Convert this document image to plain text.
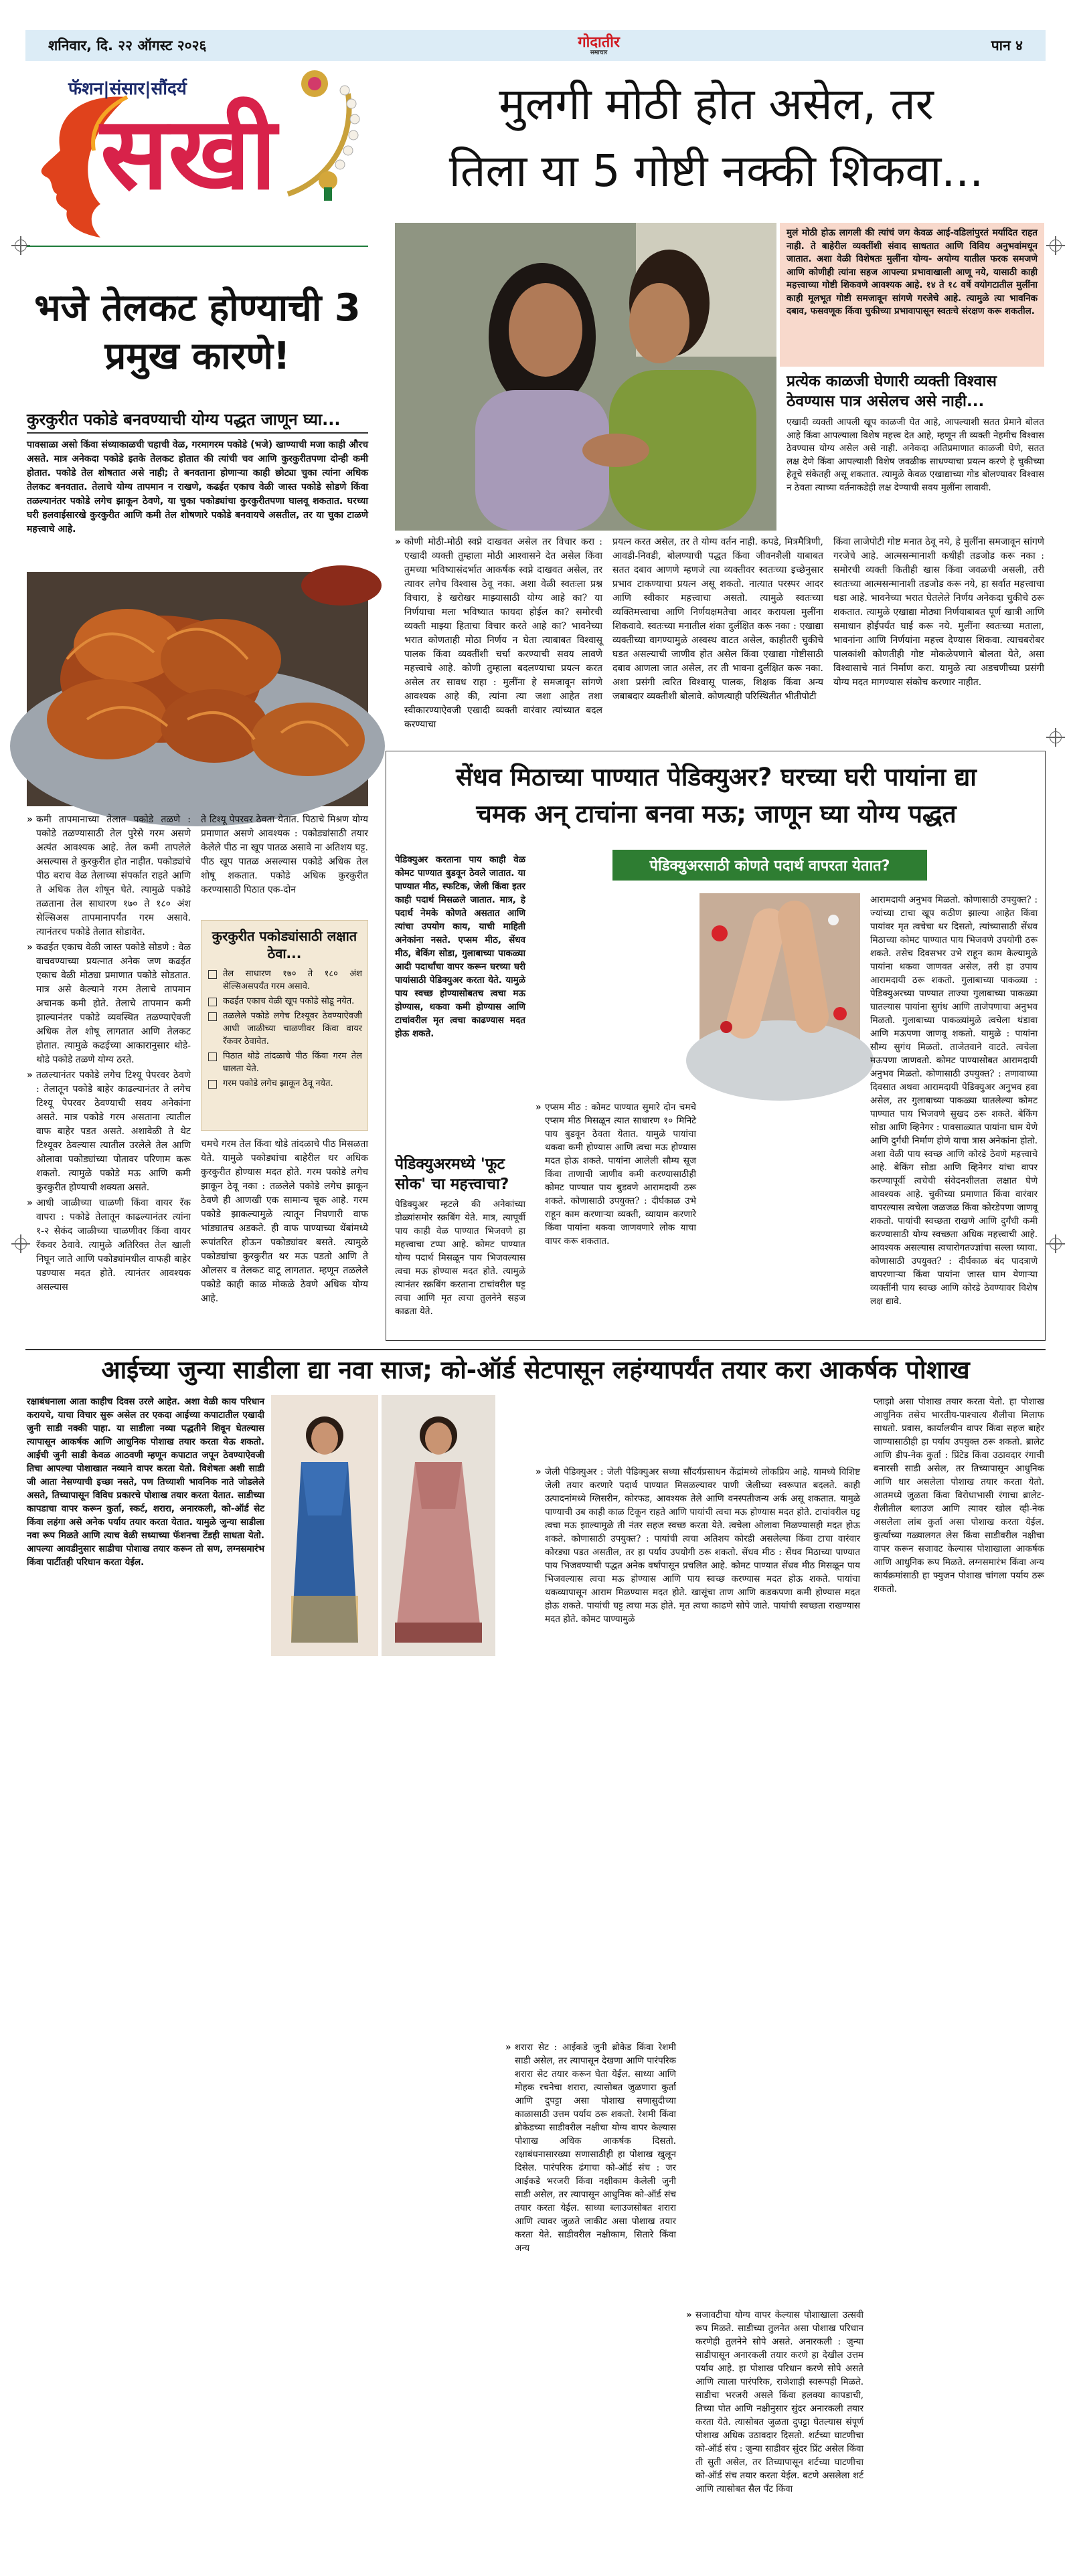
शनिवार, दि. २२ ऑगस्ट २०२६	गोदातीर
समाचार	पान ४
फॅशन|संसार|सौंदर्य
सखी
भजे तेलकट होण्याची 3 प्रमुख कारणे!
कुरकुरीत पकोडे बनवण्याची योग्य पद्धत जाणून घ्या...
पावसाळा असो किंवा संध्याकाळची चहाची वेळ, गरमागरम पकोडे (भजे) खाण्याची मजा काही औरच असते. मात्र अनेकदा पकोडे इतके तेलकट होतात की त्यांची चव आणि कुरकुरीतपणा दोन्ही कमी होतात. पकोडे तेल शोषतात असे नाही; ते बनवताना होणाऱ्या काही छोट्या चुका त्यांना अधिक तेलकट बनवतात. तेलाचे योग्य तापमान न राखणे, कढईत एकाच वेळी जास्त पकोडे सोडणे किंवा तळल्यानंतर पकोडे लगेच झाकून ठेवणे, या चुका पकोड्यांचा कुरकुरीतपणा घालवू शकतात. घरच्या घरी हलवाईसारखे कुरकुरीत आणि कमी तेल शोषणारे पकोडे बनवायचे असतील, तर या चुका टाळणे महत्त्वाचे आहे.

» कमी तापमानाच्या तेलात पकोडे तळणे : पकोडे तळण्यासाठी तेल पुरेसे गरम असणे अत्यंत आवश्यक आहे. तेल कमी तापलेले असल्यास ते कुरकुरीत होत नाहीत. पकोड्यांचे पीठ बराच वेळ तेलाच्या संपर्कात राहते आणि ते अधिक तेल शोषून घेते. त्यामुळे पकोडे तळताना तेल साधारण १७० ते १८० अंश सेल्सिअस तापमानापर्यंत गरम असावे. त्यानंतरच पकोडे तेलात सोडावेत.

» कढईत एकाच वेळी जास्त पकोडे सोडणे : वेळ वाचवण्याच्या प्रयत्नात अनेक जण कढईत एकाच वेळी मोठ्या प्रमाणात पकोडे सोडतात. मात्र असे केल्याने गरम तेलाचे तापमान अचानक कमी होते. तेलाचे तापमान कमी झाल्यानंतर पकोडे व्यवस्थित तळण्याऐवजी अधिक तेल शोषू लागतात आणि तेलकट होतात. त्यामुळे कढईच्या आकारानुसार थोडे-थोडे पकोडे तळणे योग्य ठरते.

» तळल्यानंतर पकोडे लगेच टिश्यू पेपरवर ठेवणे : तेलातून पकोडे बाहेर काढल्यानंतर ते लगेच टिश्यू पेपरवर ठेवण्याची सवय अनेकांना असते. मात्र पकोडे गरम असताना त्यातील वाफ बाहेर पडत असते. अशावेळी ते थेट टिश्यूवर ठेवल्यास त्यातील उरलेले तेल आणि ओलावा पकोड्यांच्या पोतावर परिणाम करू शकतो. त्यामुळे पकोडे मऊ आणि कमी कुरकुरीत होण्याची शक्यता असते.

» आधी जाळीच्या चाळणी किंवा वायर रॅक वापरा : पकोडे तेलातून काढल्यानंतर त्यांना १-२ सेकंद जाळीच्या चाळणीवर किंवा वायर रॅकवर ठेवावे. त्यामुळे अतिरिक्त तेल खाली निघून जाते आणि पकोड्यांमधील वाफही बाहेर पडण्यास मदत होते. त्यानंतर आवश्यक असल्यास

ते टिश्यू पेपरवर ठेवता येतात. पिठाचे मिश्रण योग्य प्रमाणात असणे आवश्यक : पकोड्यांसाठी तयार केलेले पीठ ना खूप पातळ असावे ना अतिशय घट्ट. पीठ खूप पातळ असल्यास पकोडे अधिक तेल शोषू शकतात. पकोडे अधिक कुरकुरीत करण्यासाठी पिठात एक-दोन
कुरकुरीत पकोड्यांसाठी लक्षात ठेवा...
तेल साधारण १७० ते १८० अंश सेल्सिअसपर्यंत गरम असावे.
कढईत एकाच वेळी खूप पकोडे सोडू नयेत.
तळलेले पकोडे लगेच टिश्यूवर ठेवण्याऐवजी आधी जाळीच्या चाळणीवर किंवा वायर रॅकवर ठेवावेत.
पिठात थोडे तांदळाचे पीठ किंवा गरम तेल घालता येते.
गरम पकोडे लगेच झाकून ठेवू नयेत.
चमचे गरम तेल किंवा थोडे तांदळाचे पीठ मिसळता येते. यामुळे पकोड्यांचा बाहेरील थर अधिक कुरकुरीत होण्यास मदत होते. गरम पकोडे लगेच झाकून ठेवू नका : तळलेले पकोडे लगेच झाकून ठेवणे ही आणखी एक सामान्य चूक आहे. गरम पकोडे झाकल्यामुळे त्यातून निघणारी वाफ भांड्यातच अडकते. ही वाफ पाण्याच्या थेंबांमध्ये रूपांतरित होऊन पकोड्यांवर बसते. त्यामुळे पकोड्यांचा कुरकुरीत थर मऊ पडतो आणि ते ओलसर व तेलकट वाटू लागतात. म्हणून तळलेले पकोडे काही काळ मोकळे ठेवणे अधिक योग्य आहे.
मुलगी मोठी होत असेल, तर
तिला या 5 गोष्टी नक्की शिकवा...
मुलं मोठी होऊ लागली की त्यांचं जग केवळ आई-वडिलांपुरतं मर्यादित राहत नाही. ते बाहेरील व्यक्तींशी संवाद साधतात आणि विविध अनुभवांमधून जातात. अशा वेळी विशेषतः मुलींना योग्य- अयोग्य यातील फरक समजणे आणि कोणीही त्यांना सहज आपल्या प्रभावाखाली आणू नये, यासाठी काही महत्त्वाच्या गोष्टी शिकवणे आवश्यक आहे. १४ ते १८ वर्षे वयोगटातील मुलींना काही मूलभूत गोष्टी समजावून सांगणे गरजेचे आहे. त्यामुळे त्या भावनिक दबाव, फसवणूक किंवा चुकीच्या प्रभावापासून स्वतःचे संरक्षण करू शकतील.
प्रत्येक काळजी घेणारी व्यक्ती विश्वास ठेवण्यास पात्र असेलच असे नाही...
एखादी व्यक्ती आपली खूप काळजी घेत आहे, आपल्याशी सतत प्रेमाने बोलत आहे किंवा आपल्याला विशेष महत्त्व देत आहे, म्हणून ती व्यक्ती नेहमीच विश्वास ठेवण्यास योग्य असेल असे नाही. अनेकदा अतिप्रमाणात काळजी घेणे, सतत लक्ष देणे किंवा आपल्याशी विशेष जवळीक साधण्याचा प्रयत्न करणे हे चुकीच्या हेतूचे संकेतही असू शकतात. त्यामुळे केवळ एखाद्याच्या गोड बोलण्यावर विश्वास न ठेवता त्याच्या वर्तनाकडेही लक्ष देण्याची सवय मुलींना लावावी.
» कोणी मोठी-मोठी स्वप्ने दाखवत असेल तर विचार करा : एखादी व्यक्ती तुम्हाला मोठी आश्वासने देत असेल किंवा तुमच्या भविष्यासंदर्भात आकर्षक स्वप्ने दाखवत असेल, तर त्यावर लगेच विश्वास ठेवू नका. अशा वेळी स्वतःला प्रश्न विचारा, हे खरोखर माझ्यासाठी योग्य आहे का? या निर्णयाचा मला भविष्यात फायदा होईल का? समोरची व्यक्ती माझ्या हिताचा विचार करते आहे का? भावनेच्या भरात कोणताही मोठा निर्णय न घेता त्याबाबत विश्वासू पालक किंवा व्यक्तींशी चर्चा करण्याची सवय लावणे महत्त्वाचे आहे. कोणी तुम्हाला बदलण्याचा प्रयत्न करत असेल तर सावध राहा : मुलींना हे समजावून सांगणे आवश्यक आहे की, त्यांना त्या जशा आहेत तशा स्वीकारण्याऐवजी एखादी व्यक्ती वारंवार त्यांच्यात बदल करण्याचा
प्रयत्न करत असेल, तर ते योग्य वर्तन नाही. कपडे, मित्रमैत्रिणी, आवडी-निवडी, बोलण्याची पद्धत किंवा जीवनशैली याबाबत सतत दबाव आणणे म्हणजे त्या व्यक्तीवर स्वतःच्या इच्छेनुसार प्रभाव टाकण्याचा प्रयत्न असू शकतो. नात्यात परस्पर आदर आणि स्वीकार महत्त्वाचा असतो. त्यामुळे स्वतःच्या व्यक्तिमत्त्वाचा आणि निर्णयक्षमतेचा आदर करायला मुलींना शिकवावे. स्वतःच्या मनातील शंका दुर्लक्षित करू नका : एखाद्या व्यक्तीच्या वागण्यामुळे अस्वस्थ वाटत असेल, काहीतरी चुकीचे घडत असल्याची जाणीव होत असेल किंवा एखाद्या गोष्टीसाठी दबाव आणला जात असेल, तर ती भावना दुर्लक्षित करू नका. अशा प्रसंगी त्वरित विश्वासू पालक, शिक्षक किंवा अन्य जबाबदार व्यक्तीशी बोलावे. कोणत्याही परिस्थितीत भीतीपोटी
किंवा लाजेपोटी गोष्ट मनात ठेवू नये, हे मुलींना समजावून सांगणे गरजेचे आहे. आत्मसन्मानाशी कधीही तडजोड करू नका : समोरची व्यक्ती कितीही खास किंवा जवळची असली, तरी स्वतःच्या आत्मसन्मानाशी तडजोड करू नये, हा सर्वात महत्त्वाचा धडा आहे. भावनेच्या भरात घेतलेले निर्णय अनेकदा चुकीचे ठरू शकतात. त्यामुळे एखाद्या मोठ्या निर्णयाबाबत पूर्ण खात्री आणि समाधान होईपर्यंत घाई करू नये. मुलींना स्वतःच्या मताला, भावनांना आणि निर्णयांना महत्त्व देण्यास शिकवा. त्याचबरोबर पालकांशी कोणतीही गोष्ट मोकळेपणाने बोलता येते, असा विश्वासाचे नातं निर्माण करा. यामुळे त्या अडचणीच्या प्रसंगी योग्य मदत मागण्यास संकोच करणार नाहीत.
सेंधव मिठाच्या पाण्यात पेडिक्युअर? घरच्या घरी पायांना द्या
चमक अन् टाचांना बनवा मऊ; जाणून घ्या योग्य पद्धत
पेडिक्युअरसाठी कोणते पदार्थ वापरता येतात?
पेडिक्युअर करताना पाय काही वेळ कोमट पाण्यात बुडवून ठेवले जातात. या पाण्यात मीठ, स्फटिक, जेली किंवा इतर काही पदार्थ मिसळले जातात. मात्र, हे पदार्थ नेमके कोणते असतात आणि त्यांचा उपयोग काय, याची माहिती अनेकांना नसते. एप्सम मीठ, सेंधव मीठ, बेकिंग सोडा, गुलाबाच्या पाकळ्या आदी पदार्थांचा वापर करून घरच्या घरी पायांसाठी पेडिक्युअर करता येते. यामुळे पाय स्वच्छ होण्यासोबतच त्वचा मऊ होण्यास, थकवा कमी होण्यास आणि टाचांवरील मृत त्वचा काढण्यास मदत होऊ शकते.
पेडिक्युअरमध्ये 'फूट सोक' चा महत्त्वाचा?
पेडिक्युअर म्हटले की अनेकांच्या डोळ्यांसमोर स्क्रबिंग येते. मात्र, त्यापूर्वी पाय काही वेळ पाण्यात भिजवणे हा महत्त्वाचा टप्पा आहे. कोमट पाण्यात योग्य पदार्थ मिसळून पाय भिजवल्यास त्वचा मऊ होण्यास मदत होते. त्यामुळे त्यानंतर स्क्रबिंग करताना टाचांवरील घट्ट त्वचा आणि मृत त्वचा तुलनेने सहज काढता येते.
» एप्सम मीठ : कोमट पाण्यात सुमारे दोन चमचे एप्सम मीठ मिसळून त्यात साधारण १० मिनिटे पाय बुडवून ठेवता येतात. यामुळे पायांचा थकवा कमी होण्यास आणि त्वचा मऊ होण्यास मदत होऊ शकते. पायांना आलेली सौम्य सूज किंवा ताणाची जाणीव कमी करण्यासाठीही कोमट पाण्यात पाय बुडवणे आरामदायी ठरू शकते. कोणासाठी उपयुक्त? : दीर्घकाळ उभे राहून काम करणाऱ्या व्यक्ती, व्यायाम करणारे किंवा पायांना थकवा जाणवणारे लोक याचा वापर करू शकतात.
» जेली पेडिक्युअर : जेली पेडिक्युअर सध्या सौंदर्यप्रसाधन केंद्रांमध्ये लोकप्रिय आहे. यामध्ये विशिष्ट जेली तयार करणारे पदार्थ पाण्यात मिसळल्यावर पाणी जेलीच्या स्वरूपात बदलते. काही उत्पादनांमध्ये ग्लिसरीन, कोरफड, आवश्यक तेले आणि वनस्पतीजन्य अर्क असू शकतात. यामुळे पाण्याची उब काही काळ टिकून राहते आणि पायांची त्वचा मऊ होण्यास मदत होते. टाचांवरील घट्ट त्वचा मऊ झाल्यामुळे ती नंतर सहज स्वच्छ करता येते. त्वचेला ओलावा मिळण्यासही मदत होऊ शकते. कोणासाठी उपयुक्त? : पायांची त्वचा अतिशय कोरडी असलेल्या किंवा टाचा वारंवार कोरड्या पडत असतील, तर हा पर्याय उपयोगी ठरू शकतो. सेंधव मीठ : सेंधव मिठाच्या पाण्यात पाय भिजवण्याची पद्धत अनेक वर्षांपासून प्रचलित आहे. कोमट पाण्यात सेंधव मीठ मिसळून पाय भिजवल्यास त्वचा मऊ होण्यास आणि पाय स्वच्छ करण्यास मदत होऊ शकते. पायांचा थकव्यापासून आराम मिळण्यास मदत होते. खासूंचा ताण आणि कडकपणा कमी होण्यास मदत होऊ शकते. पायांची घट्ट त्वचा मऊ होते. मृत त्वचा काढणे सोपे जाते. पायांची स्वच्छता राखण्यास मदत होते. कोमट पाण्यामुळे
आरामदायी अनुभव मिळतो. कोणासाठी उपयुक्त? : ज्यांच्या टाचा खूप कठीण झाल्या आहेत किंवा पायांवर मृत त्वचेचा थर दिसतो, त्यांच्यासाठी सेंधव मिठाच्या कोमट पाण्यात पाय भिजवणे उपयोगी ठरू शकते. तसेच दिवसभर उभे राहून काम केल्यामुळे पायांना थकवा जाणवत असेल, तरी हा उपाय आरामदायी ठरू शकतो. गुलाबाच्या पाकळ्या : पेडिक्युअरच्या पाण्यात ताज्या गुलाबाच्या पाकळ्या घातल्यास पायांना सुगंध आणि ताजेपणाचा अनुभव मिळतो. गुलाबाच्या पाकळ्यांमुळे त्वचेला थंडावा आणि मऊपणा जाणवू शकतो. यामुळे : पायांना सौम्य सुगंध मिळतो. ताजेतवाने वाटते. त्वचेला मऊपणा जाणवतो. कोमट पाण्यासोबत आरामदायी अनुभव मिळतो. कोणासाठी उपयुक्त? : तणावाच्या दिवसात अथवा आरामदायी पेडिक्युअर अनुभव हवा असेल, तर गुलाबाच्या पाकळ्या घातलेल्या कोमट पाण्यात पाय भिजवणे सुखद ठरू शकते. बेकिंग सोडा आणि व्हिनेगर : पावसाळ्यात पायांना घाम येणे आणि दुर्गंधी निर्माण होणे याचा त्रास अनेकांना होतो. अशा वेळी पाय स्वच्छ आणि कोरडे ठेवणे महत्त्वाचे आहे. बेकिंग सोडा आणि व्हिनेगर यांचा वापर करण्यापूर्वी त्वचेची संवेदनशीलता लक्षात घेणे आवश्यक आहे. चुकीच्या प्रमाणात किंवा वारंवार वापरल्यास त्वचेला जळजळ किंवा कोरडेपणा जाणवू शकतो. पायांची स्वच्छता राखणे आणि दुर्गंधी कमी करण्यासाठी योग्य स्वच्छता अधिक महत्त्वाची आहे. आवश्यक असल्यास त्वचारोगतज्ज्ञांचा सल्ला घ्यावा. कोणासाठी उपयुक्त? : दीर्घकाळ बंद पादत्राणे वापरणाऱ्या किंवा पायांना जास्त घाम येणाऱ्या व्यक्तींनी पाय स्वच्छ आणि कोरडे ठेवण्यावर विशेष लक्ष द्यावे.
आईच्या जुन्या साडीला द्या नवा साज; को-ऑर्ड सेटपासून लहंग्यापर्यंत तयार करा आकर्षक पोशाख
रक्षाबंधनाला आता काहीच दिवस उरले आहेत. अशा वेळी काय परिधान करायचे, याचा विचार सुरू असेल तर एकदा आईच्या कपाटातील एखादी जुनी साडी नक्की पाहा. या साडीला नव्या पद्धतीने शिवून घेतल्यास त्यापासून आकर्षक आणि आधुनिक पोशाख तयार करता येऊ शकतो. आईची जुनी साडी केवळ आठवणी म्हणून कपाटात जपून ठेवण्याऐवजी तिचा आपल्या पोशाखात नव्याने वापर करता येतो. विशेषतः अशी साडी जी आता नेसण्याची इच्छा नसते, पण तिच्याशी भावनिक नाते जोडलेले असते, तिच्यापासून विविध प्रकारचे पोशाख तयार करता येतात. साडीच्या कापडाचा वापर करून कुर्ता, स्कर्ट, शरारा, अनारकली, को-ऑर्ड सेट किंवा लहंगा असे अनेक पर्याय तयार करता येतात. यामुळे जुन्या साडीला नवा रूप मिळते आणि त्याच वेळी सध्याच्या फॅशनचा टेंडही साधता येतो. आपल्या आवडीनुसार साडीचा पोशाख तयार करून तो सण, लग्नसमारंभ किंवा पार्टीतही परिधान करता येईल.
» शरारा सेट : आईकडे जुनी ब्रोकेड किंवा रेशमी साडी असेल, तर त्यापासून देखणा आणि पारंपरिक शरारा सेट तयार करून घेता येईल. साध्या आणि मोहक रचनेचा शरारा, त्यासोबत जुळणारा कुर्ता आणि दुपट्टा असा पोशाख सणासुदीच्या काळासाठी उत्तम पर्याय ठरू शकतो. रेशमी किंवा ब्रोकेडच्या साडीवरील नक्षीचा योग्य वापर केल्यास पोशाख अधिक आकर्षक दिसतो. रक्षाबंधनासारख्या सणासाठीही हा पोशाख खुलून दिसेल. पारंपरिक ढंगाचा को-ऑर्ड संच : जर आईकडे भरजरी किंवा नक्षीकाम केलेली जुनी साडी असेल, तर त्यापासून आधुनिक को-ऑर्ड संच तयार करता येईल. साध्या ब्लाउजसोबत शरारा आणि त्यावर जुळते जाकीट असा पोशाख तयार करता येते. साडीवरील नक्षीकाम, सितारे किंवा अन्य
» सजावटीचा योग्य वापर केल्यास पोशाखाला उत्सवी रूप मिळते. साडीच्या तुलनेत असा पोशाख परिधान करणेही तुलनेने सोपे असते. अनारकली : जुन्या साडीपासून अनारकली तयार करणे हा देखील उत्तम पर्याय आहे. हा पोशाख परिधान करणे सोपे असते आणि त्याला पारंपरिक, राजेशाही स्वरूपही मिळते. साडीचा भरजरी असले किंवा हलक्या कापडाची, तिच्या पोत आणि नक्षीनुसार सुंदर अनारकली तयार करता येते. त्यासोबत जुळता दुपट्टा घेतल्यास संपूर्ण पोशाख अधिक उठावदार दिसतो. शर्टच्या घाटणीचा को-ऑर्ड संच : जुन्या साडीवर सुंदर प्रिंट असेल किंवा ती सुती असेल, तर तिच्यापासून शर्टच्या घाटणीचा को-ऑर्ड संच तयार करता येईल. बटणे असलेला शर्ट आणि त्यासोबत सैल पँट किंवा
प्लाझो असा पोशाख तयार करता येतो. हा पोशाख आधुनिक तसेच भारतीय-पाश्चात्य शैलीचा मिलाफ साधतो. प्रवास, कार्यालयीन वापर किंवा सहज बाहेर जाण्यासाठीही हा पर्याय उपयुक्त ठरू शकतो. ब्रालेट आणि डीप-नेक कुर्ता : प्रिंटेड किंवा उठावदार रंगाची बनारसी साडी असेल, तर तिच्यापासून आधुनिक आणि धार असलेला पोशाख तयार करता येतो. आतमध्ये जुळता किंवा विरोधाभासी रंगाचा ब्रालेट-शैलीतील ब्लाउज आणि त्यावर खोल व्ही-नेक असलेला लांब कुर्ता असा पोशाख करता येईल. कुर्त्याच्या गळ्यालगत लेस किंवा साडीवरील नक्षीचा वापर करून सजावट केल्यास पोशाखाला आकर्षक आणि आधुनिक रूप मिळते. लग्नसमारंभ किंवा अन्य कार्यक्रमांसाठी हा फ्युजन पोशाख चांगला पर्याय ठरू शकतो.
